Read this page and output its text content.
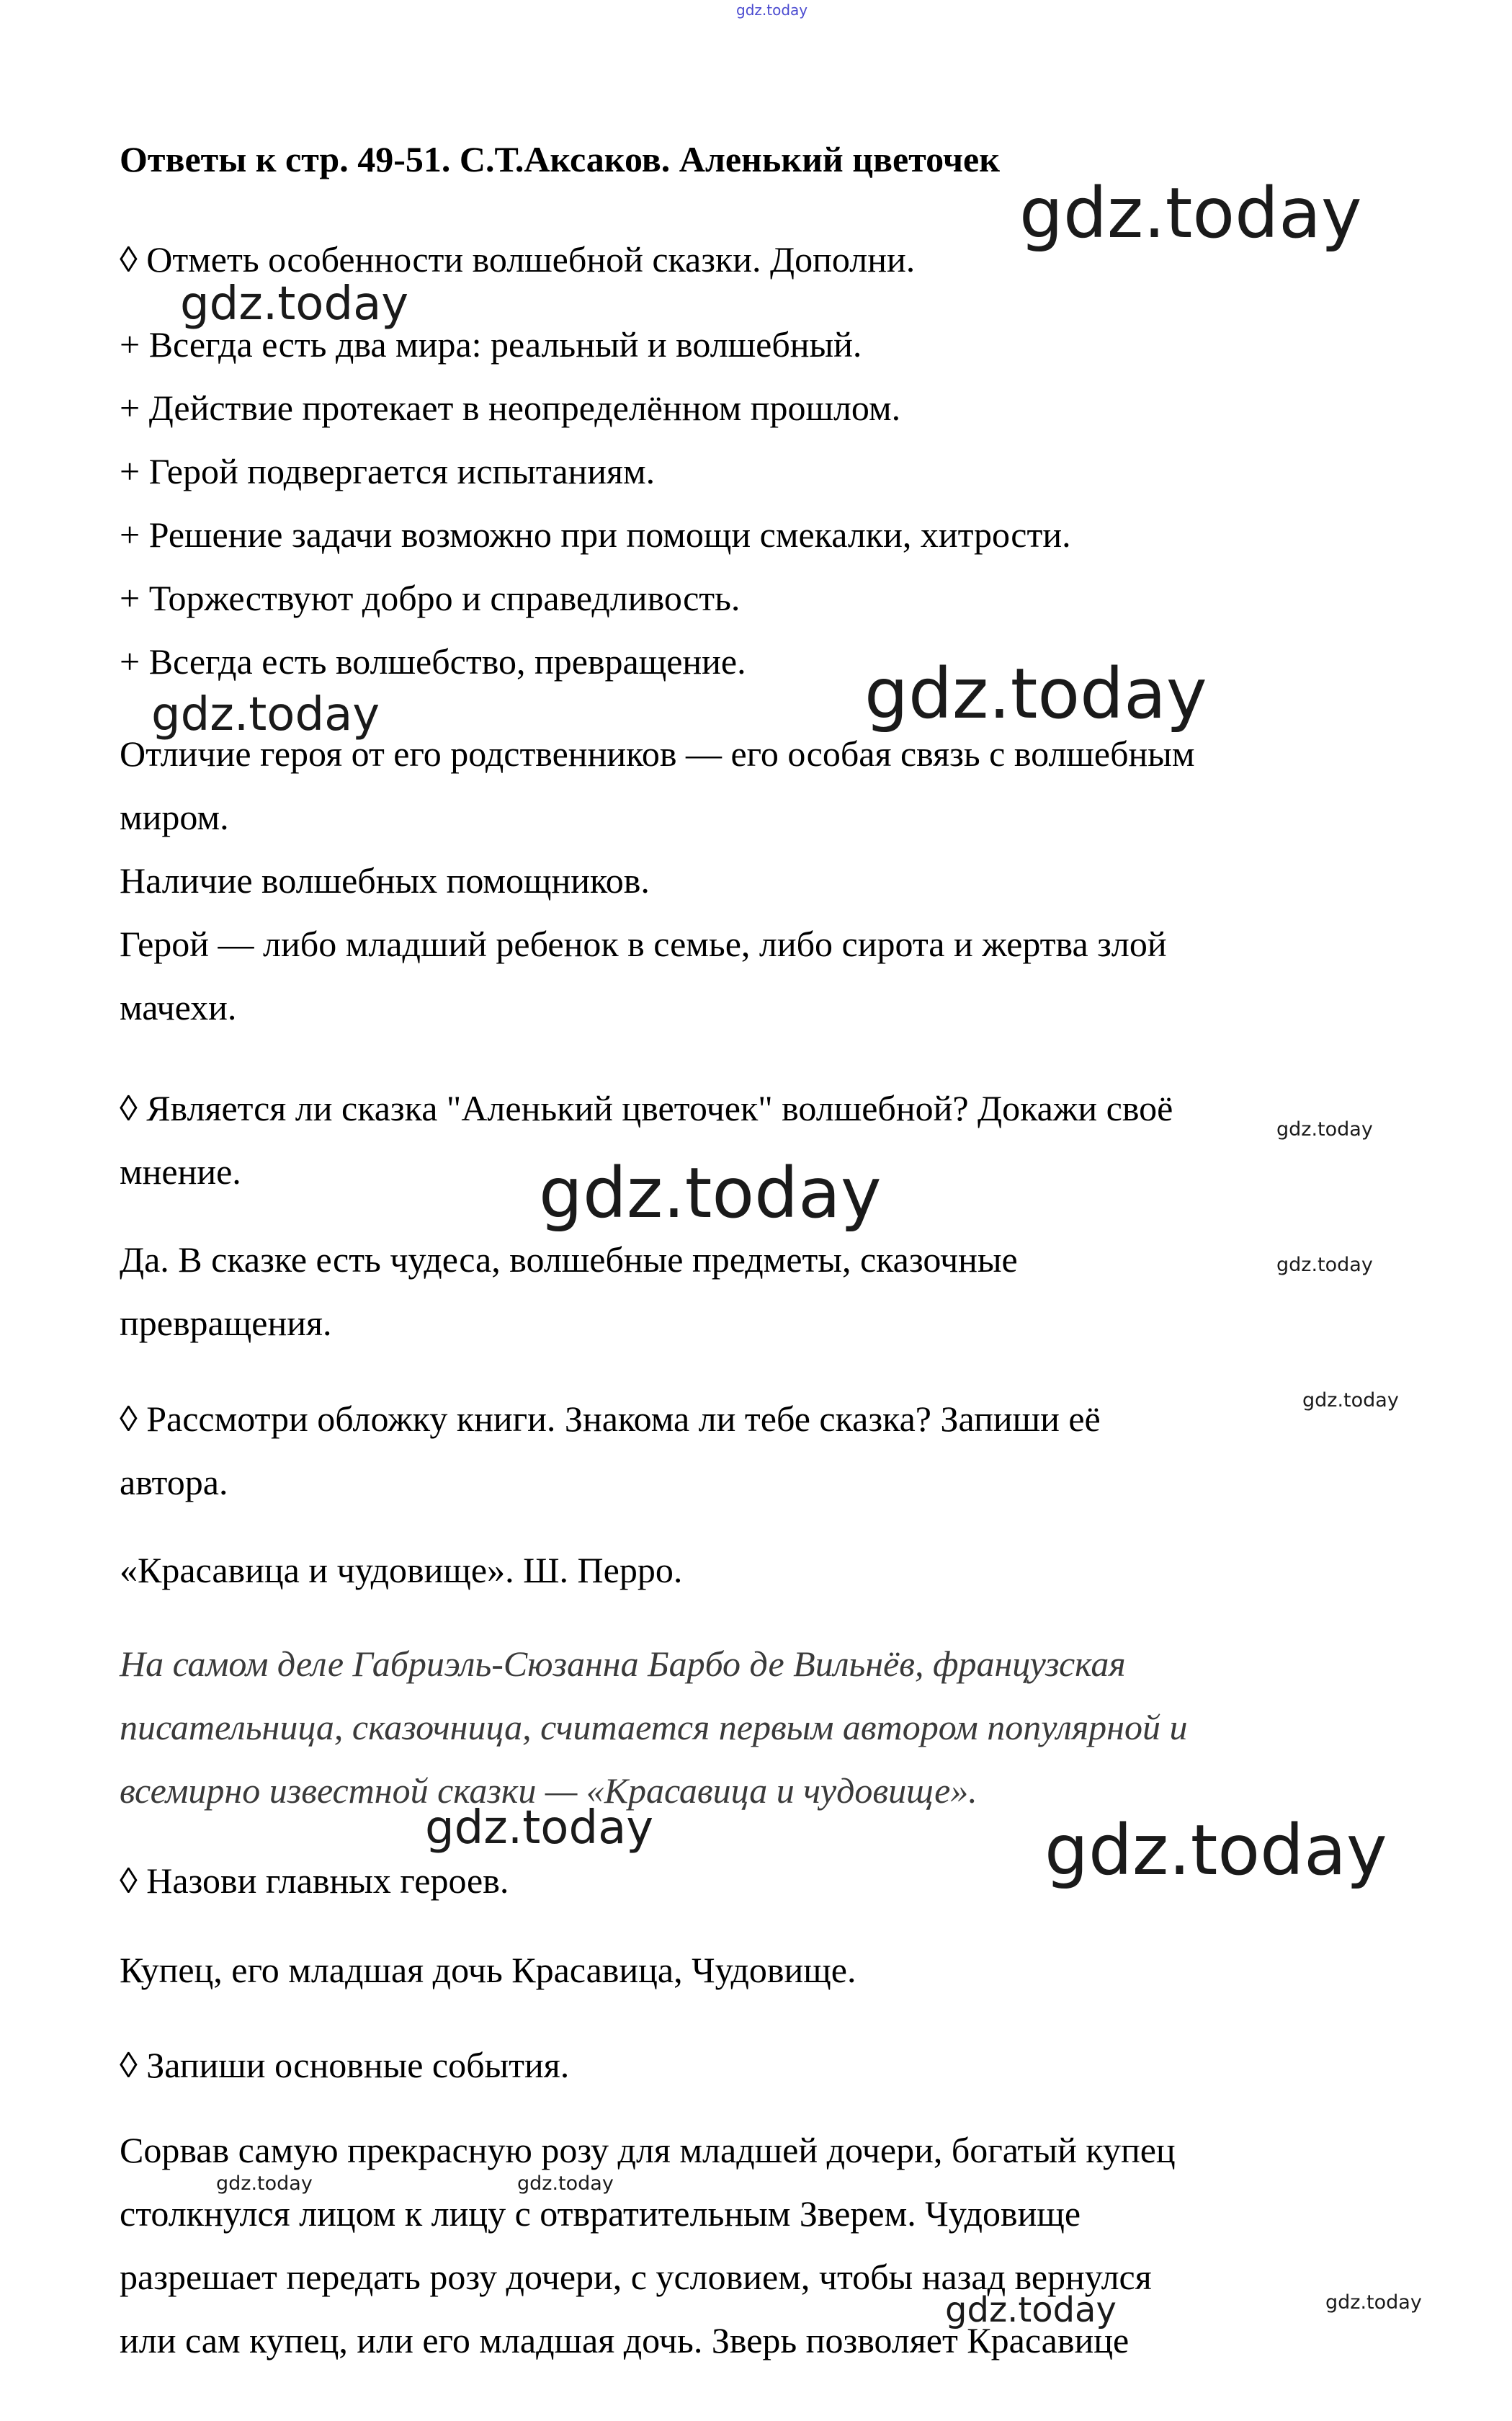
gdz.today
Ответы к стр. 49-51. С.Т.Аксаков. Аленький цветочек
◊ Отметь особенности волшебной сказки. Дополни.
+ Всегда есть два мира: реальный и волшебный.
+ Действие протекает в неопределённом прошлом.
+ Герой подвергается испытаниям.
+ Решение задачи возможно при помощи смекалки, хитрости.
+ Торжествуют добро и справедливость.
+ Всегда есть волшебство, превращение.
Отличие героя от его родственников — его особая связь с волшебным
миром.
Наличие волшебных помощников.
Герой — либо младший ребенок в семье, либо сирота и жертва злой
мачехи.
◊ Является ли сказка "Аленький цветочек" волшебной? Докажи своё
мнение.
Да. В сказке есть чудеса, волшебные предметы, сказочные
превращения.
◊ Рассмотри обложку книги. Знакома ли тебе сказка? Запиши её
автора.
«Красавица и чудовище». Ш. Перро.
На самом деле Габриэль-Сюзанна Барбо де Вильнёв, французская
писательница, сказочница, считается первым автором популярной и
всемирно известной сказки — «Красавица и чудовище».
◊ Назови главных героев.
Купец, его младшая дочь Красавица, Чудовище.
◊ Запиши основные события.
Сорвав самую прекрасную розу для младшей дочери, богатый купец
столкнулся лицом к лицу с отвратительным Зверем. Чудовище
разрешает передать розу дочери, с условием, чтобы назад вернулся
или сам купец, или его младшая дочь. Зверь позволяет Красавице
gdz.today
gdz.today
gdz.today
gdz.today
gdz.today
gdz.today
gdz.today
gdz.today
gdz.today	gdz.today
gdz.today	gdz.today
gdz.today
gdz.today
